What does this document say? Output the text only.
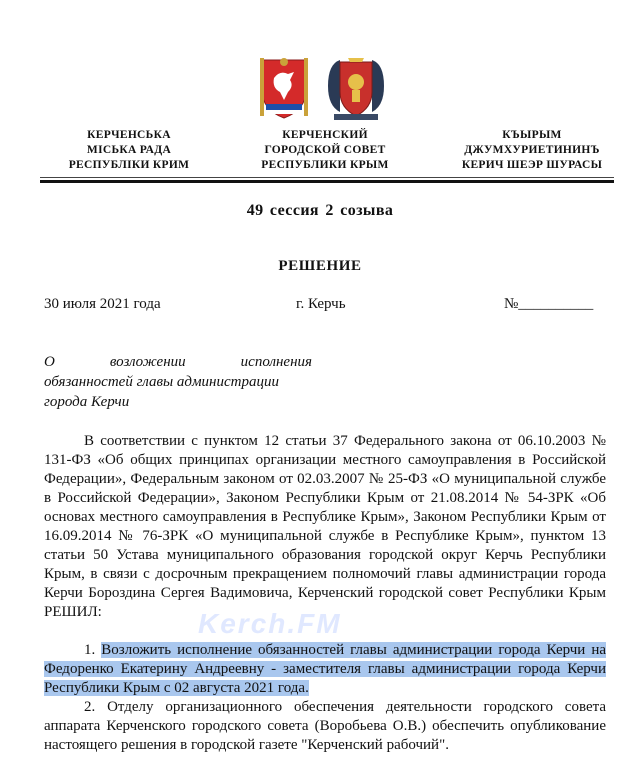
КЕРЧЕНСЬКА
МІСЬКА РАДА
РЕСПУБЛІКИ КРИМ
КЕРЧЕНСКИЙ
ГОРОДСКОЙ СОВЕТ
РЕСПУБЛИКИ КРЫМ
КЪЫРЫМ
ДЖУМХУРИЕТИНИНЪ
КЕРИЧ ШЕЭР ШУРАСЫ
49 сессия 2 созыва
РЕШЕНИЕ
30 июля 2021 года	г. Керчь	№__________
О	возложении	исполнения
обязанностей главы администрации
города Керчи

В соответствии с пунктом 12 статьи 37 Федерального закона от 06.10.2003 № 131-ФЗ «Об общих принципах организации местного самоуправления в Российской Федерации», Федеральным законом от 02.03.2007 № 25-ФЗ «О муниципальной службе в Российской Федерации», Законом Республики Крым от 21.08.2014 № 54-ЗРК «Об основах местного самоуправления в Республике Крым», Законом Республики Крым от 16.09.2014 № 76-ЗРК «О муниципальной службе в Республике Крым», пунктом 13 статьи 50 Устава муниципального образования городской округ Керчь Республики Крым, в связи с досрочным прекращением полномочий главы администрации города Керчи Бороздина Сергея Вадимовича, Керченский городской совет Республики Крым РЕШИЛ:

1. Возложить исполнение обязанностей главы администрации города Керчи на Федоренко Екатерину Андреевну - заместителя главы администрации города Керчи Республики Крым с 02 августа 2021 года.

2. Отделу организационного обеспечения деятельности городского совета аппарата Керченского городского совета (Воробьева О.В.) обеспечить опубликование настоящего решения в городской газете "Керченский рабочий".

Kerch.FM
